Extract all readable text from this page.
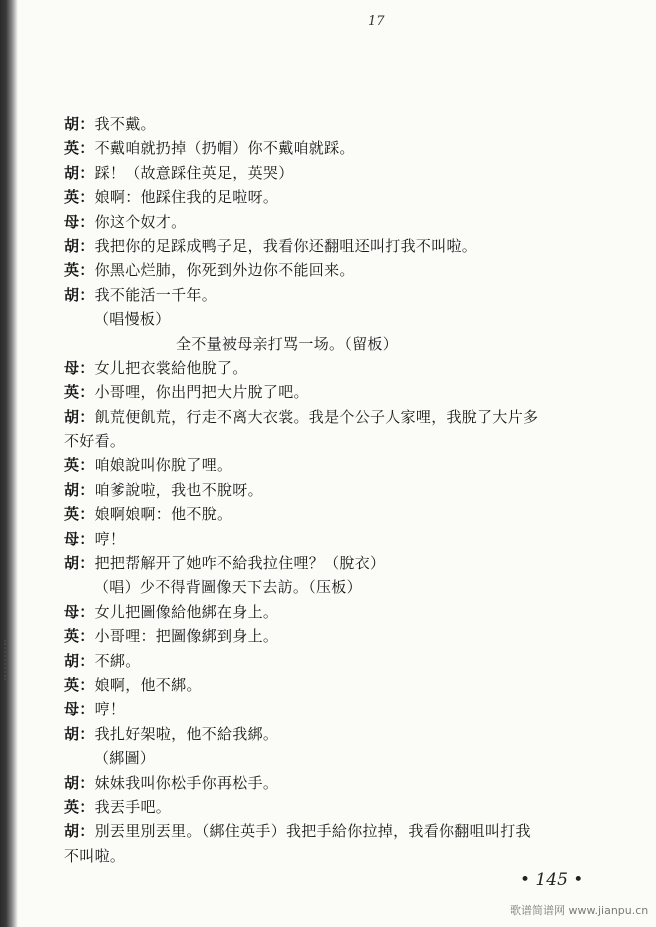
17
胡：我不戴。
英：不戴咱就扔掉（扔帽）你不戴咱就踩。
胡：踩！（故意踩住英足，英哭）
英：娘啊：他踩住我的足啦呀。
母：你这个奴才。
胡：我把你的足踩成鸭子足，我看你还翻咀还叫打我不叫啦。
英：你黑心烂肺，你死到外边你不能回来。
胡：我不能活一千年。
（唱慢板）
全不量被母亲打骂一场。（留板）
母：女儿把衣裳給他脫了。
英：小哥哩，你出門把大片脫了吧。
胡：飢荒便飢荒，行走不离大衣裳。我是个公子人家哩，我脫了大片多
不好看。
英：咱娘說叫你脫了哩。
胡：咱爹說啦，我也不脫呀。
英：娘啊娘啊：他不脫。
母：哼！
胡：把把帮解开了她咋不給我拉住哩？（脫衣）
（唱）少不得背圖像天下去訪。（压板）
母：女儿把圖像給他綁在身上。
英：小哥哩：把圖像綁到身上。
胡：不綁。
英：娘啊，他不綁。
母：哼！
胡：我扎好架啦，他不給我綁。
（綁圖）
胡：妹妹我叫你松手你再松手。
英：我丟手吧。
胡：別丟里別丟里。（綁住英手）我把手給你拉掉，我看你翻咀叫打我
不叫啦。
• 145 •
歌谱简谱网 www.jianpu.cn
